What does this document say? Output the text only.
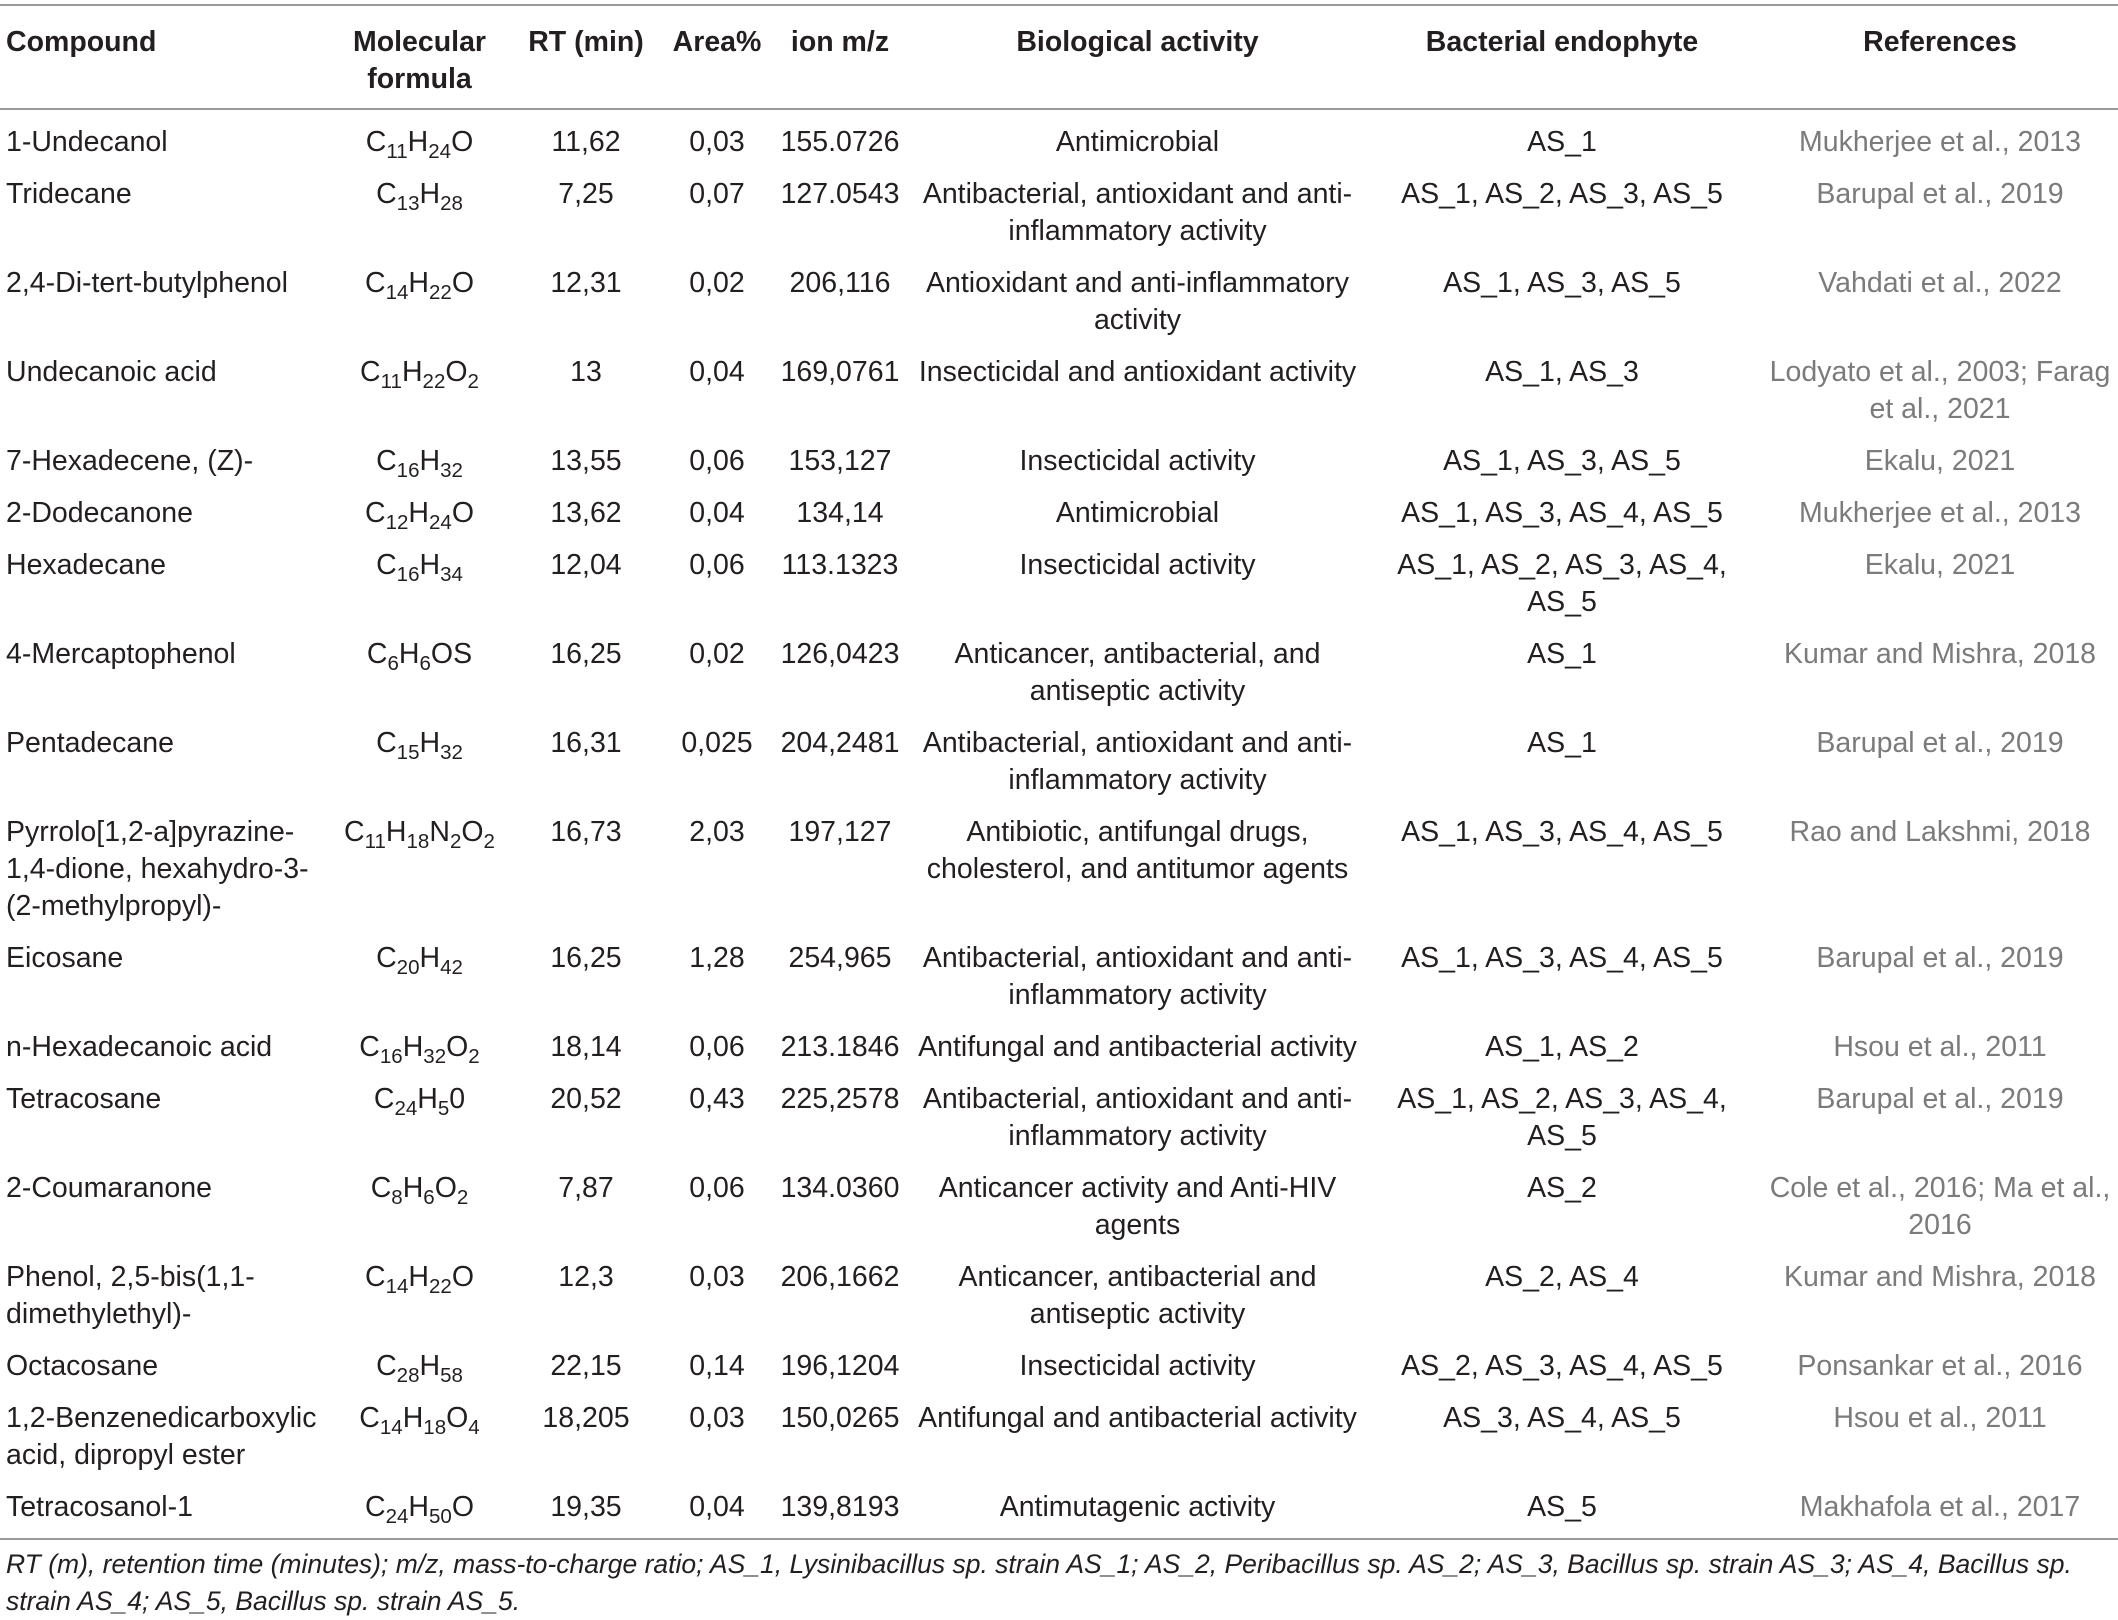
Compound	Molecular formula	RT (min)	Area%	ion m/z	Biological activity	Bacterial endophyte	References
1-Undecanol	$C_{11}H_{24}O$	11,62	0,03	155.0726	Antimicrobial	AS_1	Mukherjee et al., 2013
Tridecane	$C_{13}H_{28}$	7,25	0,07	127.0543	Antibacterial, antioxidant and anti-inflammatory activity	AS_1, AS_2, AS_3, AS_5	Barupal et al., 2019
2,4-Di-tert-butylphenol	$C_{14}H_{22}O$	12,31	0,02	206,116	Antioxidant and anti-inflammatory activity	AS_1, AS_3, AS_5	Vahdati et al., 2022
Undecanoic acid	$C_{11}H_{22}O_2$	13	0,04	169,0761	Insecticidal and antioxidant activity	AS_1, AS_3	Lodyato et al., 2003; Farag et al., 2021
7-Hexadecene, (Z)-	$C_{16}H_{32}$	13,55	0,06	153,127	Insecticidal activity	AS_1, AS_3, AS_5	Ekalu, 2021
2-Dodecanone	$C_{12}H_{24}O$	13,62	0,04	134,14	Antimicrobial	AS_1, AS_3, AS_4, AS_5	Mukherjee et al., 2013
Hexadecane	$C_{16}H_{34}$	12,04	0,06	113.1323	Insecticidal activity	AS_1, AS_2, AS_3, AS_4, AS_5	Ekalu, 2021
4-Mercaptophenol	$C_6H_6OS$	16,25	0,02	126,0423	Anticancer, antibacterial, and antiseptic activity	AS_1	Kumar and Mishra, 2018
Pentadecane	$C_{15}H_{32}$	16,31	0,025	204,2481	Antibacterial, antioxidant and anti-inflammatory activity	AS_1	Barupal et al., 2019
Pyrrolo[1,2-a]pyrazine-1,4-dione, hexahydro-3-(2-methylpropyl)-	$C_{11}H_{18}N_2O_2$	16,73	2,03	197,127	Antibiotic, antifungal drugs, cholesterol, and antitumor agents	AS_1, AS_3, AS_4, AS_5	Rao and Lakshmi, 2018
Eicosane	$C_{20}H_{42}$	16,25	1,28	254,965	Antibacterial, antioxidant and anti-inflammatory activity	AS_1, AS_3, AS_4, AS_5	Barupal et al., 2019
n-Hexadecanoic acid	$C_{16}H_{32}O_2$	18,14	0,06	213.1846	Antifungal and antibacterial activity	AS_1, AS_2	Hsou et al., 2011
Tetracosane	$C_{24}H_50$	20,52	0,43	225,2578	Antibacterial, antioxidant and anti-inflammatory activity	AS_1, AS_2, AS_3, AS_4, AS_5	Barupal et al., 2019
2-Coumaranone	$C_8H_6O_2$	7,87	0,06	134.0360	Anticancer activity and Anti-HIV agents	AS_2	Cole et al., 2016; Ma et al., 2016
Phenol, 2,5-bis(1,1-dimethylethyl)-	$C_{14}H_{22}O$	12,3	0,03	206,1662	Anticancer, antibacterial and antiseptic activity	AS_2, AS_4	Kumar and Mishra, 2018
Octacosane	$C_{28}H_{58}$	22,15	0,14	196,1204	Insecticidal activity	AS_2, AS_3, AS_4, AS_5	Ponsankar et al., 2016
1,2-Benzenedicarboxylic acid, dipropyl ester	$C_{14}H_{18}O_4$	18,205	0,03	150,0265	Antifungal and antibacterial activity	AS_3, AS_4, AS_5	Hsou et al., 2011
Tetracosanol-1	$C_{24}H_{50}O$	19,35	0,04	139,8193	Antimutagenic activity	AS_5	Makhafola et al., 2017
RT (m), retention time (minutes); m/z, mass-to-charge ratio; AS_1, Lysinibacillus sp. strain AS_1; AS_2, Peribacillus sp. AS_2; AS_3, Bacillus sp. strain AS_3; AS_4, Bacillus sp. strain AS_4; AS_5, Bacillus sp. strain AS_5.							
